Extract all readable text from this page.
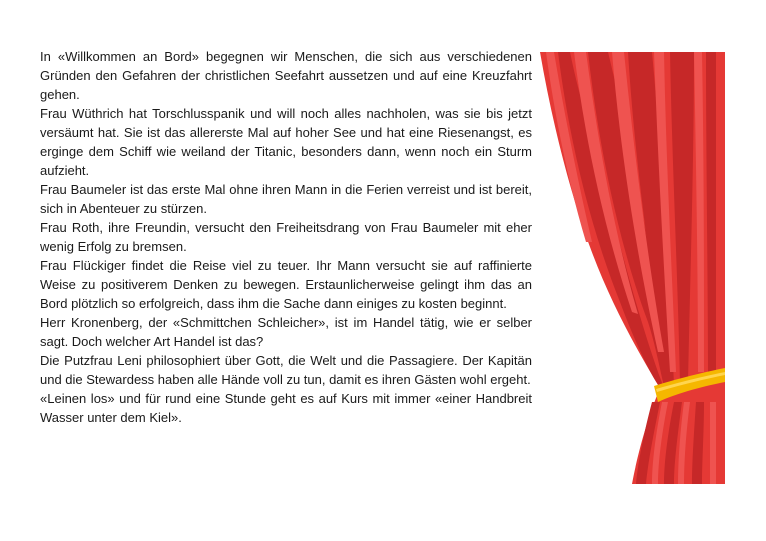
In «Willkommen an Bord» begegnen wir Menschen, die sich aus verschiedenen Gründen den Gefahren der christlichen Seefahrt aussetzen und auf eine Kreuzfahrt gehen.

Frau Wüthrich hat Torschlusspanik und will noch alles nachholen, was sie bis jetzt versäumt hat. Sie ist das allererste Mal auf hoher See und hat eine Riesenangst, es erginge dem Schiff wie weiland der Titanic, besonders dann, wenn noch ein Sturm aufzieht.

Frau Baumeler ist das erste Mal ohne ihren Mann in die Ferien verreist und ist bereit, sich in Abenteuer zu stürzen.

Frau Roth, ihre Freundin, versucht den Freiheitsdrang von Frau Baumeler mit eher wenig Erfolg zu bremsen.

Frau Flückiger findet die Reise viel zu teuer. Ihr Mann versucht sie auf raffinierte Weise zu positiverem Denken zu bewegen. Erstaunlicherweise gelingt ihm das an Bord plötzlich so erfolgreich, dass ihm die Sache dann einiges zu kosten beginnt.

Herr Kronenberg, der «Schmittchen Schleicher», ist im Handel tätig, wie er selber sagt. Doch welcher Art Handel ist das?

Die Putzfrau Leni philosophiert über Gott, die Welt und die Passagiere. Der Kapitän und die Stewardess haben alle Hände voll zu tun, damit es ihren Gästen wohl ergeht.

«Leinen los» und für rund eine Stunde geht es auf Kurs mit immer «einer Handbreit Wasser unter dem Kiel».
